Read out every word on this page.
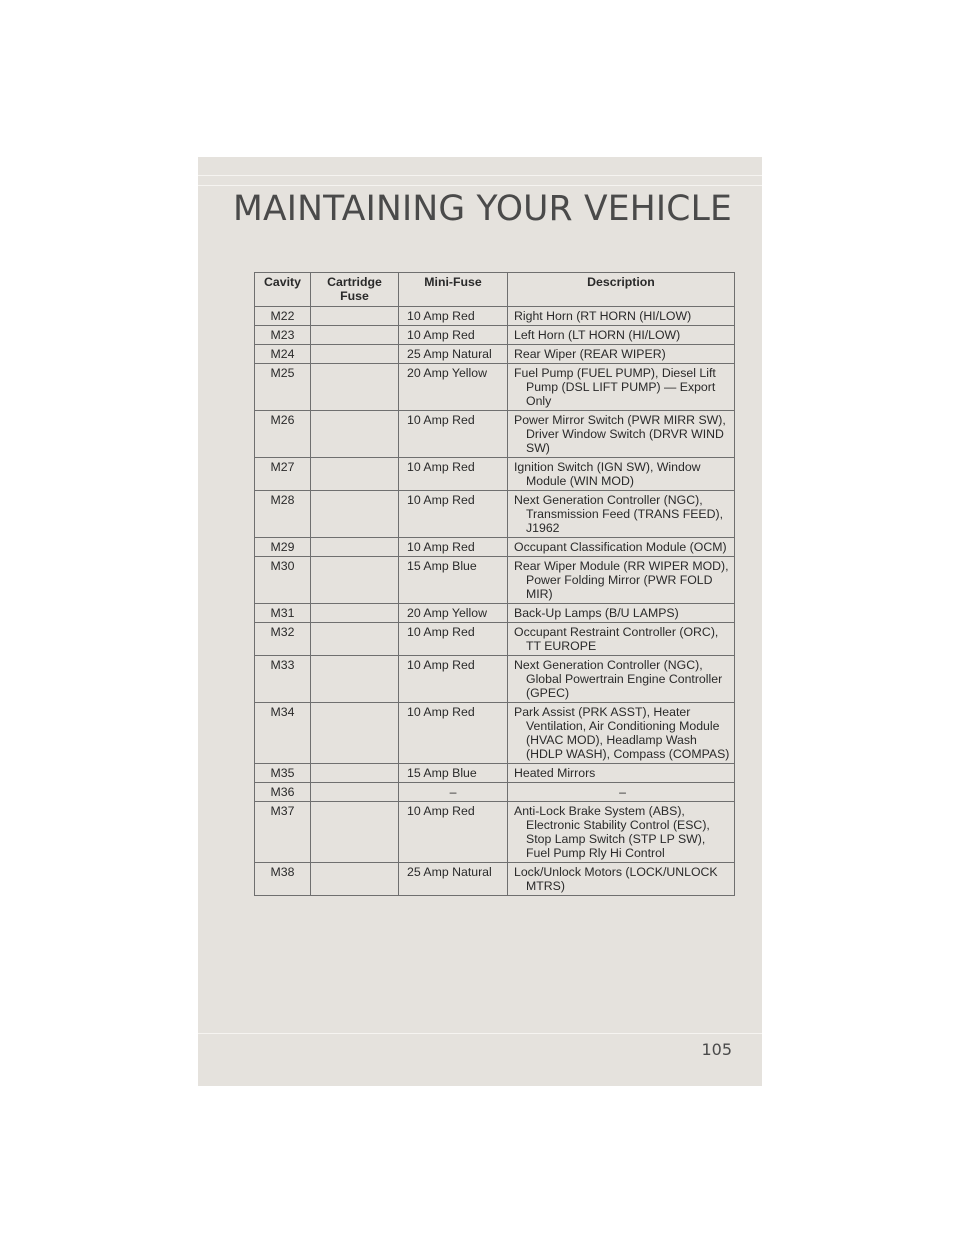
MAINTAINING YOUR VEHICLE
Cavity	Cartridge Fuse	Mini-Fuse	Description
M22		10 Amp Red	Right Horn (RT HORN (HI/LOW)

M23		10 Amp Red	Left Horn (LT HORN (HI/LOW)

M24		25 Amp Natural	Rear Wiper (REAR WIPER)

M25		20 Amp Yellow	Fuel Pump (FUEL PUMP), Diesel Lift Pump (DSL LIFT PUMP) — Export Only

M26		10 Amp Red	Power Mirror Switch (PWR MIRR SW), Driver Window Switch (DRVR WIND SW)

M27		10 Amp Red	Ignition Switch (IGN SW), Window Module (WIN MOD)

M28		10 Amp Red	Next Generation Controller (NGC), Transmission Feed (TRANS FEED), J1962

M29		10 Amp Red	Occupant Classification Module (OCM)

M30		15 Amp Blue	Rear Wiper Module (RR WIPER MOD), Power Folding Mirror (PWR FOLD MIR)

M31		20 Amp Yellow	Back-Up Lamps (B/U LAMPS)

M32		10 Amp Red	Occupant Restraint Controller (ORC), TT EUROPE

M33		10 Amp Red	Next Generation Controller (NGC), Global Powertrain Engine Controller (GPEC)

M34		10 Amp Red	Park Assist (PRK ASST), Heater Ventilation, Air Conditioning Module (HVAC MOD), Headlamp Wash (HDLP WASH), Compass (COMPAS)

M35		15 Amp Blue	Heated Mirrors

M36		–	–

M37		10 Amp Red	Anti-Lock Brake System (ABS), Electronic Stability Control (ESC), Stop Lamp Switch (STP LP SW), Fuel Pump Rly Hi Control

M38		25 Amp Natural	Lock/Unlock Motors (LOCK/UNLOCK MTRS)
105
